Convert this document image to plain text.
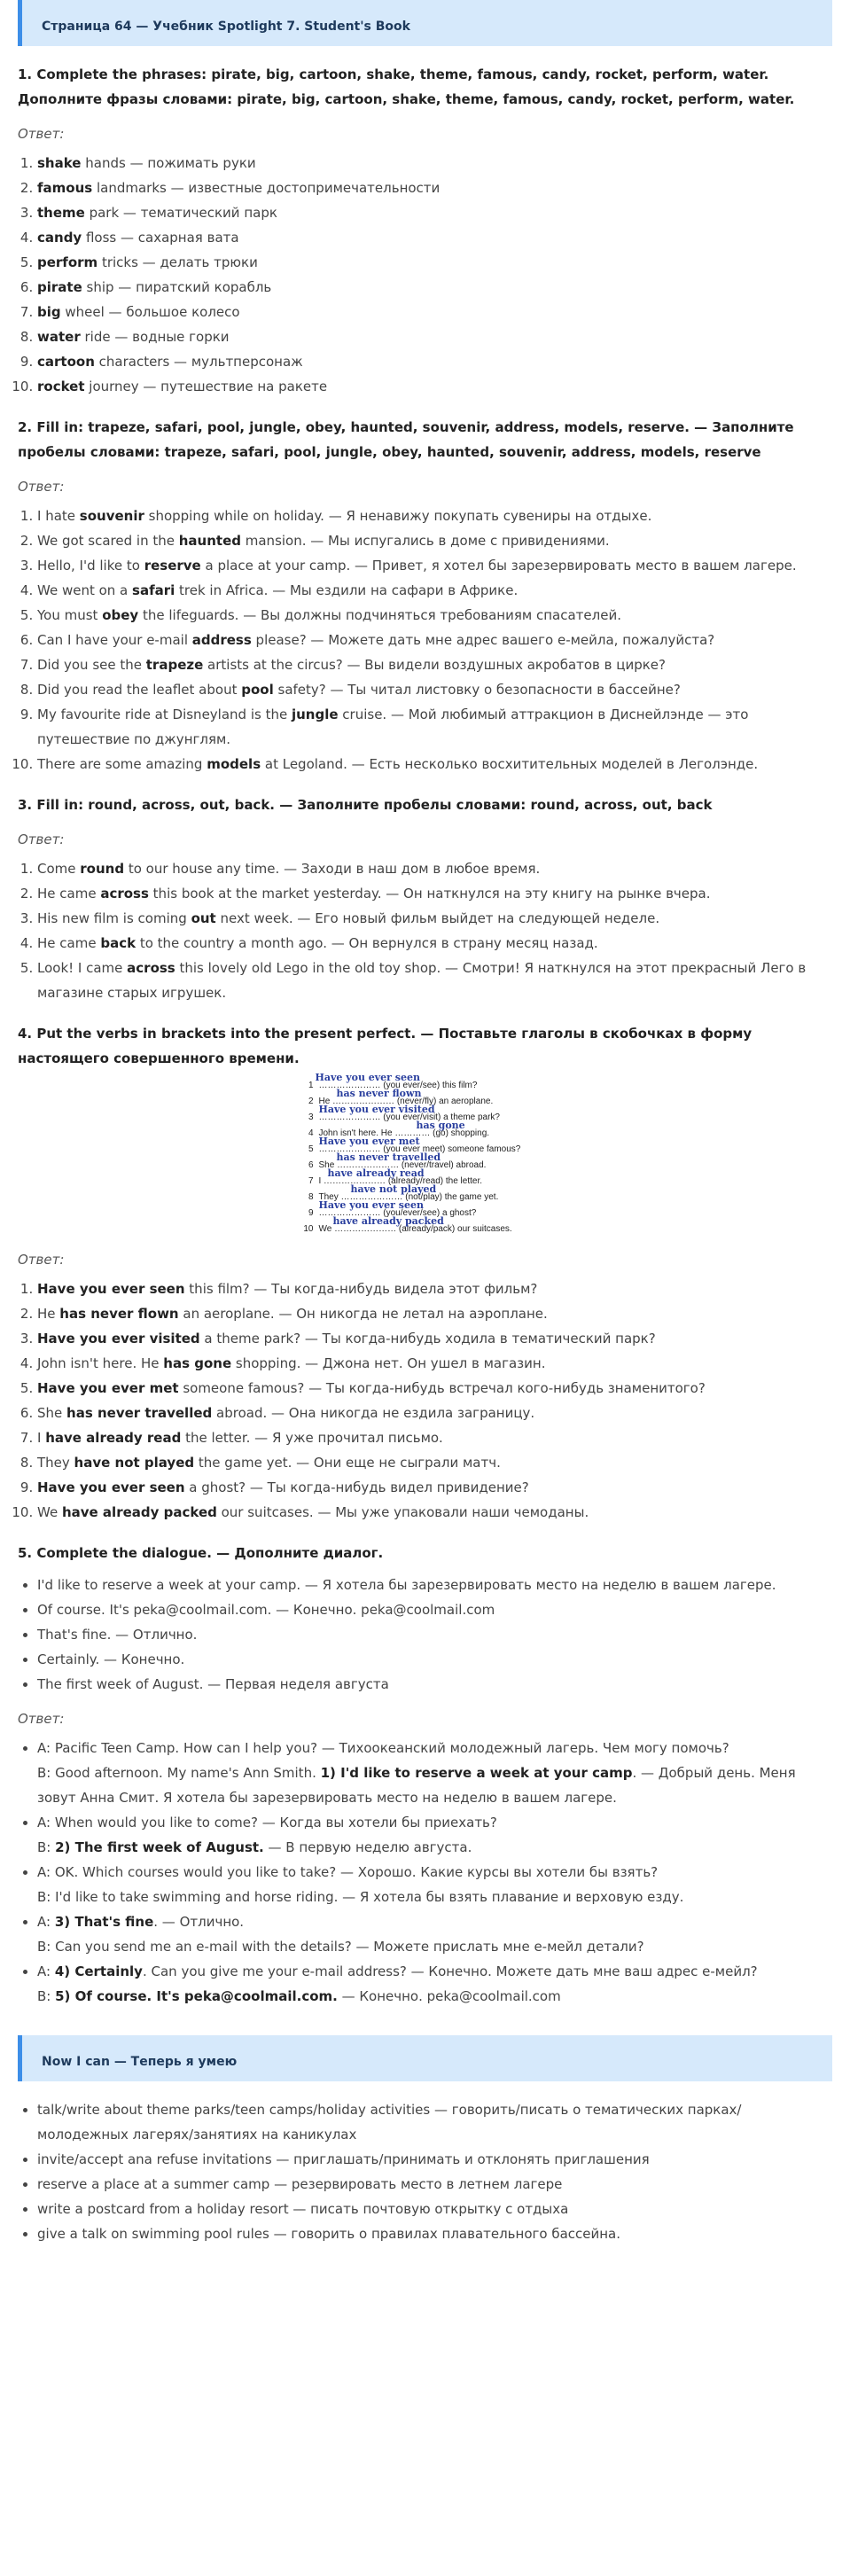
Страница 64 — Учебник Spotlight 7. Student's Book
1. Complete the phrases: pirate, big, cartoon, shake, theme, famous, candy, rocket, perform, water. Дополните фразы словами: pirate, big, cartoon, shake, theme, famous, candy, rocket, perform, water.
Ответ:
1. shake hands — пожимать руки
2. famous landmarks — известные достопримечательности
3. theme park — тематический парк
4. candy floss — сахарная вата
5. perform tricks — делать трюки
6. pirate ship — пиратский корабль
7. big wheel — большое колесо
8. water ride — водные горки
9. cartoon characters — мультперсонаж
10. rocket journey — путешествие на ракете
2. Fill in: trapeze, safari, pool, jungle, obey, haunted, souvenir, address, models, reserve. — Заполните пробелы словами: trapeze, safari, pool, jungle, obey, haunted, souvenir, address, models, reserve
Ответ:
1. I hate souvenir shopping while on holiday. — Я ненавижу покупать сувениры на отдыхе.
2. We got scared in the haunted mansion. — Мы испугались в доме с привидениями.
3. Hello, I'd like to reserve a place at your camp. — Привет, я хотел бы зарезервировать место в вашем лагере.
4. We went on a safari trek in Africa. — Мы ездили на сафари в Африке.
5. You must obey the lifeguards. — Вы должны подчиняться требованиям спасателей.
6. Can I have your e-mail address please? — Можете дать мне адрес вашего е-мейла, пожалуйста?
7. Did you see the trapeze artists at the circus? — Вы видели воздушных акробатов в цирке?
8. Did you read the leaflet about pool safety? — Ты читал листовку о безопасности в бассейне?
9. My favourite ride at Disneyland is the jungle cruise. — Мой любимый аттракцион в Диснейлэнде — это путешествие по джунглям.
10. There are some amazing models at Legoland. — Есть несколько восхитительных моделей в Леголэнде.
3. Fill in: round, across, out, back. — Заполните пробелы словами: round, across, out, back
Ответ:
1. Come round to our house any time. — Заходи в наш дом в любое время.
2. He came across this book at the market yesterday. — Он наткнулся на эту книгу на рынке вчера.
3. His new film is coming out next week. — Его новый фильм выйдет на следующей неделе.
4. He came back to the country a month ago. — Он вернулся в страну месяц назад.
5. Look! I came across this lovely old Lego in the old toy shop. — Смотри! Я наткнулся на этот прекрасный Лего в магазине старых игрушек.
4. Put the verbs in brackets into the present perfect. — Поставьте глаголы в скобочках в форму настоящего совершенного времени.
1 ………………… (you ever/see) this film?
Have you ever seen
2 He ………………… (never/fly) an aeroplane.
has never flown
3 ………………… (you ever/visit) a theme park?
Have you ever visited
4 John isn't here. He ………… (go) shopping.
has gone
5 ………………… (you ever meet) someone famous?
Have you ever met
6 She ………………… (never/travel) abroad.
has never travelled
7 I ………………… (already/read) the letter.
have already read
8 They ………………… (not/play) the game yet.
have not played
9 ………………… (you/ever/see) a ghost?
Have you ever seen
10 We ………………… (already/pack) our suitcases.
have already packed
Ответ:
1. Have you ever seen this film? — Ты когда-нибудь видела этот фильм?
2. He has never flown an aeroplane. — Он никогда не летал на аэроплане.
3. Have you ever visited a theme park? — Ты когда-нибудь ходила в тематический парк?
4. John isn't here. He has gone shopping. — Джона нет. Он ушел в магазин.
5. Have you ever met someone famous? — Ты когда-нибудь встречал кого-нибудь знаменитого?
6. She has never travelled abroad. — Она никогда не ездила заграницу.
7. I have already read the letter. — Я уже прочитал письмо.
8. They have not played the game yet. — Они еще не сыграли матч.
9. Have you ever seen a ghost? — Ты когда-нибудь видел привидение?
10. We have already packed our suitcases. — Мы уже упаковали наши чемоданы.
5. Complete the dialogue. — Дополните диалог.
• I'd like to reserve a week at your camp. — Я хотела бы зарезервировать место на неделю в вашем лагере.
• Of course. It's peka@coolmail.com. — Конечно. peka@coolmail.com
• That's fine. — Отлично.
• Certainly. — Конечно.
• The first week of August. — Первая неделя августа
Ответ:
• A: Pacific Teen Camp. How can I help you? — Тихоокеанский молодежный лагерь. Чем могу помочь?
B: Good afternoon. My name's Ann Smith. 1) I'd like to reserve a week at your camp. — Добрый день. Меня зовут Анна Смит. Я хотела бы зарезервировать место на неделю в вашем лагере.
• A: When would you like to come? — Когда вы хотели бы приехать?
B: 2) The first week of August. — В первую неделю августа.
• A: OK. Which courses would you like to take? — Хорошо. Какие курсы вы хотели бы взять?
B: I'd like to take swimming and horse riding. — Я хотела бы взять плавание и верховую езду.
• A: 3) That's fine. — Отлично.
B: Can you send me an e-mail with the details? — Можете прислать мне е-мейл детали?
• A: 4) Certainly. Can you give me your e-mail address? — Конечно. Можете дать мне ваш адрес е-мейл?
B: 5) Of course. It's peka@coolmail.com. — Конечно. peka@coolmail.com
Now I can — Теперь я умею
• talk/write about theme parks/teen camps/holiday activities — говорить/писать о тематических парках/молодежных лагерях/занятиях на каникулах
• invite/accept ana refuse invitations — приглашать/принимать и отклонять приглашения
• reserve a place at a summer camp — резервировать место в летнем лагере
• write a postcard from a holiday resort — писать почтовую открытку с отдыха
• give a talk on swimming pool rules — говорить о правилах плавательного бассейна.
